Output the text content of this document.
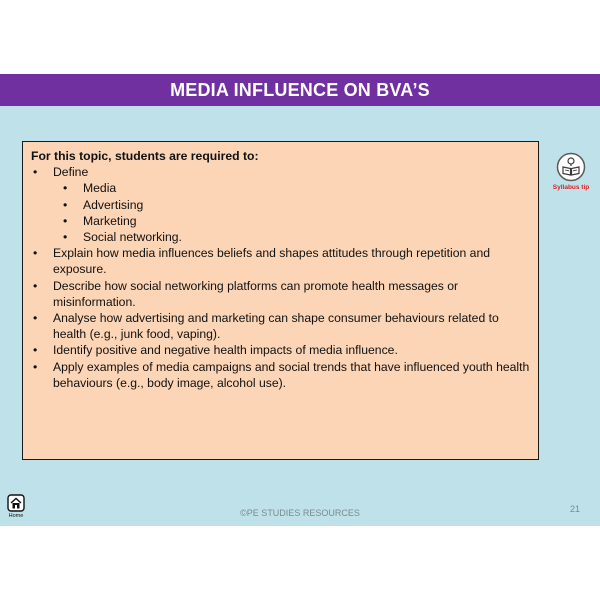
MEDIA INFLUENCE ON BVA’S
For this topic, students are required to:
• Define
• Media
• Advertising
• Marketing
• Social networking.
• Explain how media influences beliefs and shapes attitudes through repetition and exposure.
• Describe how social networking platforms can promote health messages or misinformation.
• Analyse how advertising and marketing can shape consumer behaviours related to health (e.g., junk food, vaping).
• Identify positive and negative health impacts of media influence.
• Apply examples of media campaigns and social trends that have influenced youth health behaviours (e.g., body image, alcohol use).
Syllabus tip
Home	©PE STUDIES RESOURCES	21
